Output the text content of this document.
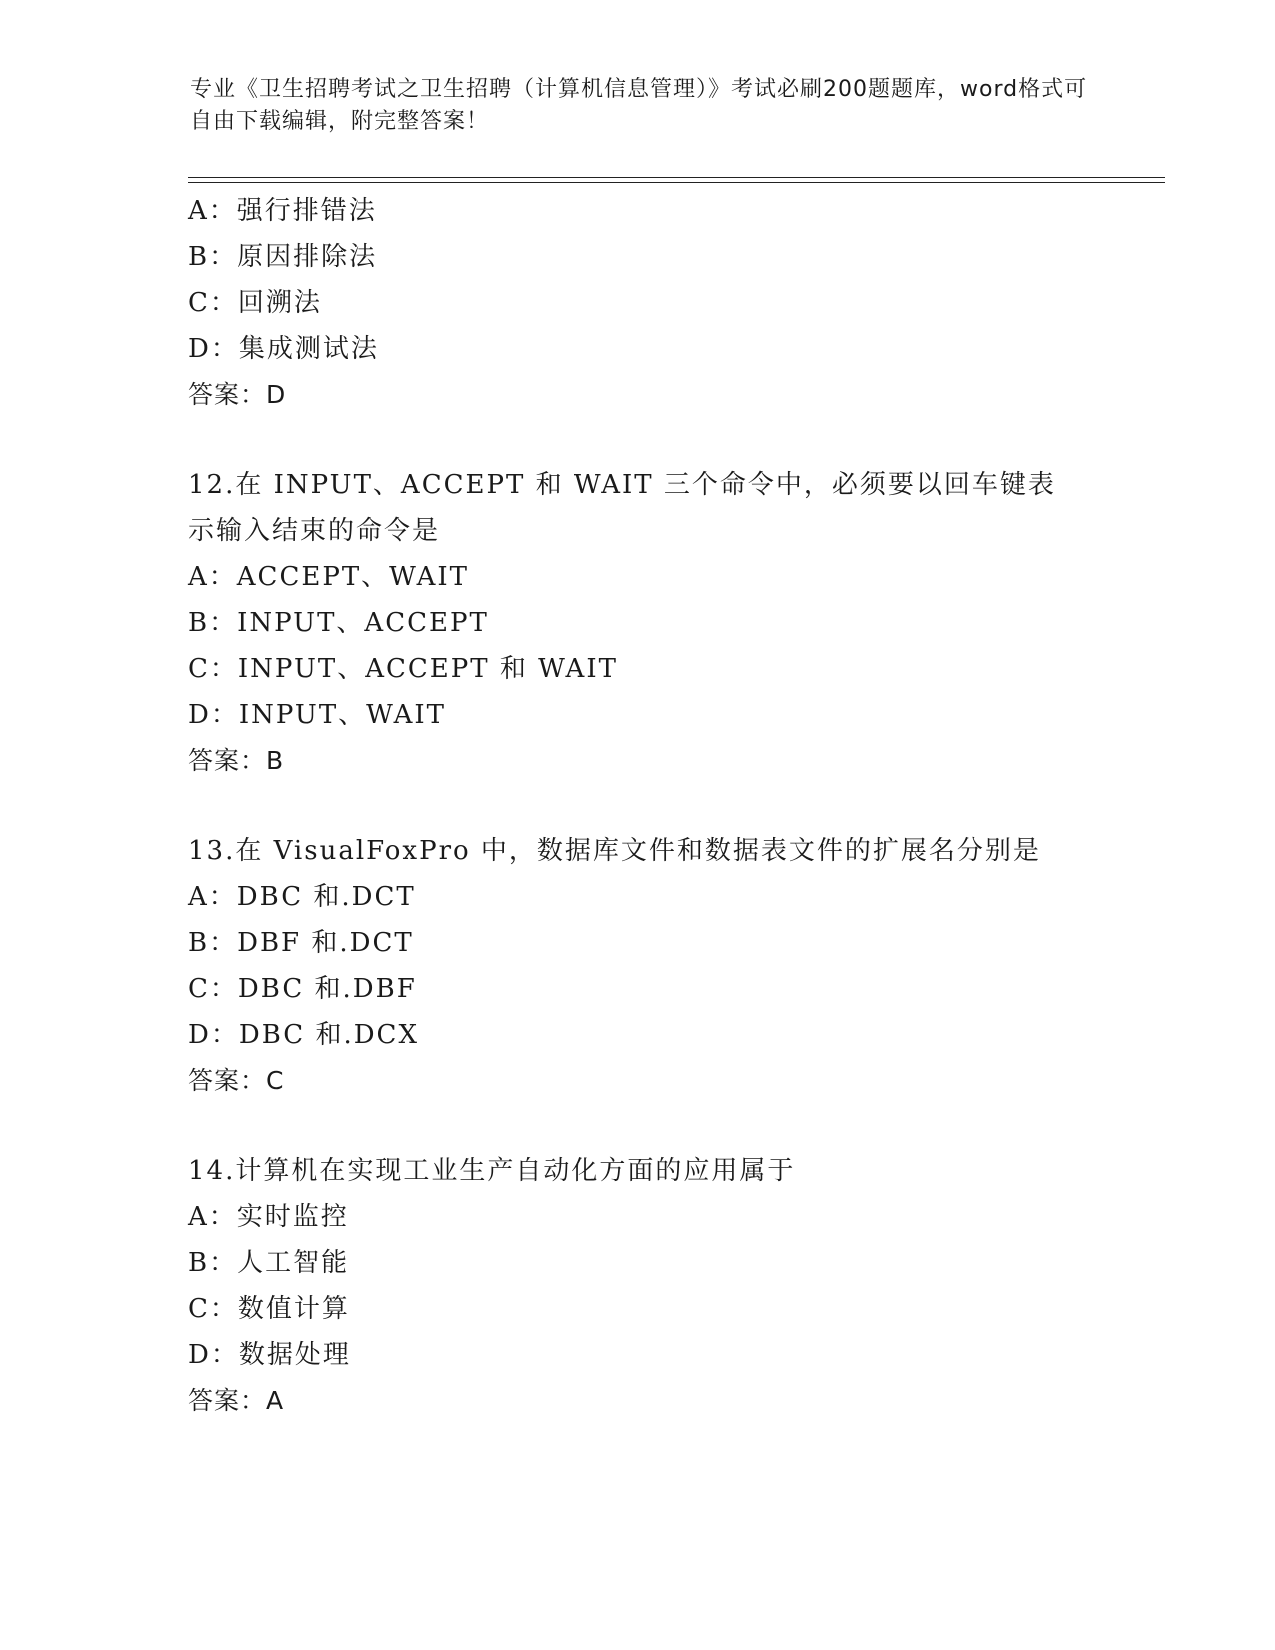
专业《卫生招聘考试之卫生招聘（计算机信息管理）》考试必刷200题题库，word格式可自由下载编辑，附完整答案！
A：强行排错法
B：原因排除法
C：回溯法
D：集成测试法
答案：D
12.在 INPUT、ACCEPT 和 WAIT 三个命令中，必须要以回车键表示输入结束的命令是
A：ACCEPT、WAIT
B：INPUT、ACCEPT
C：INPUT、ACCEPT 和 WAIT
D：INPUT、WAIT
答案：B
13.在 VisualFoxPro 中，数据库文件和数据表文件的扩展名分别是
A：DBC 和.DCT
B：DBF 和.DCT
C：DBC 和.DBF
D：DBC 和.DCX
答案：C
14.计算机在实现工业生产自动化方面的应用属于
A：实时监控
B：人工智能
C：数值计算
D：数据处理
答案：A
